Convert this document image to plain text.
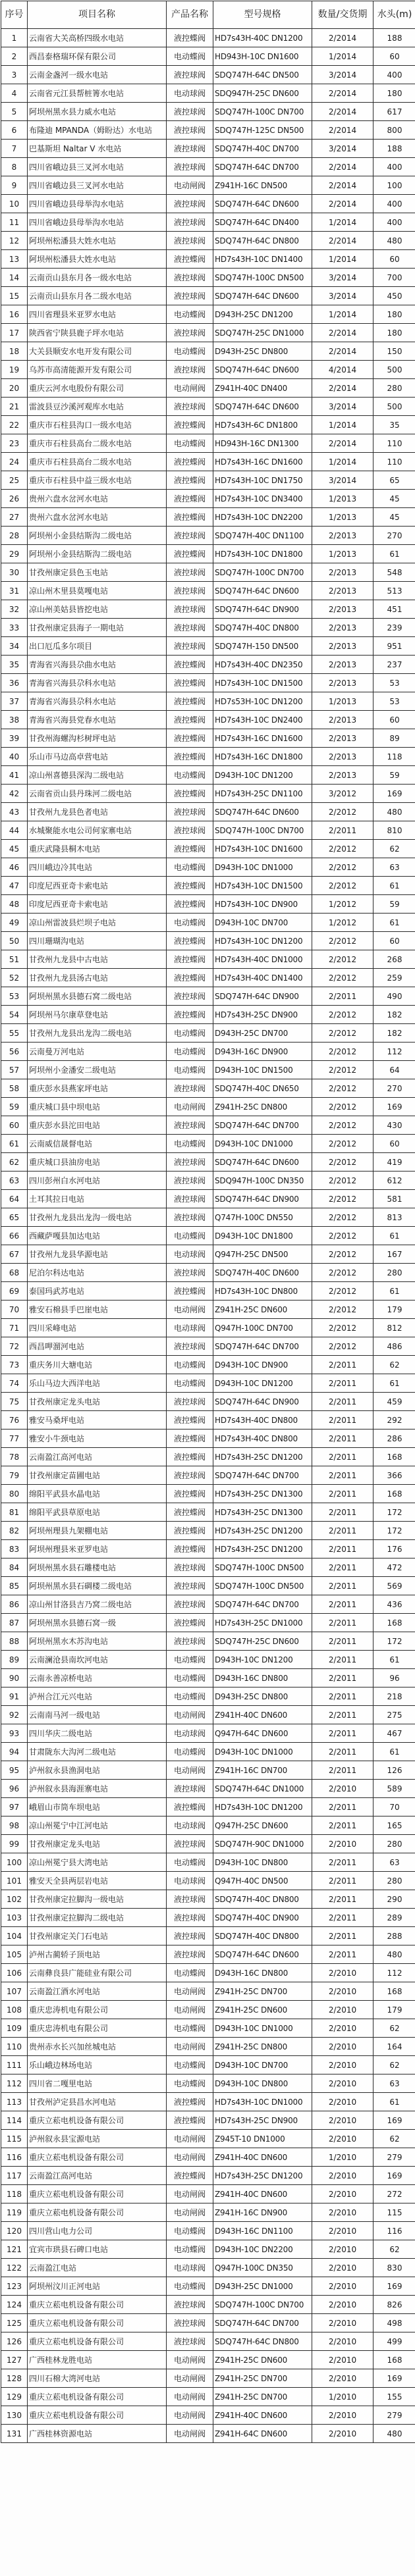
序号	项目名称	产品名称	型号规格	数量/交货期	水头(m)
1	云南省大关高桥四级水电站	液控蝶阀	HD7s43H-40C DN1200	2/2014	188
2	西昌泰格瑞环保有限公司	电动蝶阀	HD943H-10C DN1600	1/2014	60
3	云南金盏河一级水电站	液控球阀	SDQ747H-64C DN500	3/2014	400
4	云南省元江县帮桩箐水电站	电动球阀	SDQ947H-25C DN600	2/2014	180
5	阿坝州黑水县力威水电站	液控球阀	SDQ747H-100C DN700	2/2014	617
6	布隆迪 MPANDA（姆盼达）水电站	液控球阀	SDQ747H-125C DN500	2/2014	800
7	巴基斯坦 Naltar V 水电站	液控球阀	SDQ747H-40C DN700	3/2014	188
8	四川省峨边县三叉河水电站	液控球阀	SDQ747H-64C DN700	2/2014	400
9	四川省峨边县三叉河水电站	电动闸阀	Z941H-16C DN500	2/2014	100
10	四川省峨边县母举沟水电站	液控球阀	SDQ747H-64C DN600	2/2014	400
11	四川省峨边县母举沟水电站	液控球阀	SDQ747H-64C DN400	1/2014	400
12	阿坝州松潘县大姓水电站	液控球阀	SDQ747H-64C DN800	2/2014	480
13	阿坝州松潘县大姓水电站	液控蝶阀	HD7s43H-10C DN1400	1/2014	60
14	云南贡山县东月各一级水电站	液控球阀	SDQ747H-100C DN500	3/2014	700
15	云南贡山县东月各二级水电站	液控球阀	SDQ747H-64C DN600	3/2014	450
16	四川省理县米亚罗水电站	电动蝶阀	D943H-25C DN1200	1/2014	180
17	陕西省宁陕县鹿子坪水电站	液控球阀	SDQ747H-25C DN1000	2/2014	180
18	大关县顺安水电开发有限公司	电动蝶阀	D943H-25C DN800	2/2014	150
19	乌苏市高清能源开发有限公司	液控球阀	SDQ747H-64C DN600	4/2014	500
20	重庆云河水电股份有限公司	电动闸阀	Z941H-40C DN400	2/2014	280
21	雷波县豆沙溪河观库水电站	液控球阀	SDQ747H-64C DN600	3/2014	500
22	重庆市石柱县沟口一级水电站	液控蝶阀	HD7s43H-6C DN1800	1/2014	35
23	重庆市石柱县高台二级水电站	电动蝶阀	HD943H-16C DN1300	2/2014	110
24	重庆市石柱县高台二级水电站	液控蝶阀	HD7s43H-16C DN1600	1/2014	110
25	重庆市石柱县中益三级水电站	液控蝶阀	HD7s43H-10C DN1750	3/2014	65
26	贵州六盘水岔河水电站	液控蝶阀	HD7s43H-10C DN3400	1/2013	45
27	贵州六盘水岔河水电站	液控蝶阀	HD7s43H-10C DN2200	1/2013	45
28	阿坝州小金县结斯沟二级电站	液控球阀	SDQ747H-40C DN1100	2/2013	270
29	阿坝州小金县结斯沟二级电站	液控蝶阀	HD7s43H-10C DN1800	1/2013	61
30	甘孜州康定县色玉电站	液控球阀	SDQ747H-100C DN700	2/2013	548
31	凉山州木里县莫嘎电站	液控球阀	SDQ747H-64C DN600	2/2013	513
32	凉山州美姑县皆挖电站	液控球阀	SDQ747H-64C DN900	2/2013	451
33	甘孜州康定县海子一期电站	液控球阀	SDQ747H-40C DN800	2/2013	239
34	出口厄瓜多尔项目	液控球阀	SDQ747H-150 DN500	2/2013	951
35	青海省兴海县尕曲水电站	液控蝶阀	HD7s43H-40C DN2350	2/2013	237
36	青海省兴海县尕科水电站	液控蝶阀	HD7s43H-10C DN1500	2/2013	53
37	青海省兴海县尕科水电站	液控蝶阀	HD7s53H-10C DN1200	1/2013	53
38	青海省兴海县党春水电站	液控蝶阀	HD7s43H-10C DN2400	2/2013	60
39	甘孜州海螺沟杉树坪电站	液控蝶阀	HD7s43H-16C DN1600	2/2013	89
40	乐山市马边高卓营电站	液控蝶阀	HD7s43H-16C DN1800	2/2013	118
41	凉山州喜德县深沟二级电站	电动蝶阀	D943H-10C DN1200	2/2013	59
42	云南省贡山县丹珠河二级电站	液控蝶阀	HD7s43H-25C DN1100	3/2012	169
43	甘孜州九龙县色者电站	液控球阀	SDQ747H-64C DN600	2/2012	480
44	水城聚能水电公司何家寨电站	液控球阀	SDQ747H-100C DN700	2/2011	810
45	重庆武隆县桐木电站	液控蝶阀	HD7s43H-10C DN1600	2/2012	62
46	四川峨边冷其电站	电动蝶阀	D943H-10C DN1000	2/2012	63
47	印度尼西亚奇卡索电站	液控蝶阀	HD7s43H-10C DN1500	2/2012	61
48	印度尼西亚奇卡索电站	液控蝶阀	HD7s43H-10C DN900	1/2012	59
49	凉山州雷波县烂坝子电站	电动蝶阀	D943H-10C DN700	1/2012	61
50	四川珊瑚沟电站	液控蝶阀	HD7s43H-10C DN1200	2/2012	60
51	甘孜州九龙县中古电站	液控蝶阀	HD7s43H-40C DN1000	2/2012	268
52	甘孜州九龙县汤古电站	液控蝶阀	HD7s43H-40C DN1400	2/2012	259
53	阿坝州黑水县德石窝二级电站	液控球阀	SDQ747H-64C DN900	2/2011	490
54	阿坝州马尔康草登电站	液控蝶阀	HD7s43H-25C DN900	2/2012	182
55	甘孜州九龙县出龙沟二级电站	电动蝶阀	D943H-25C DN700	2/2012	182
56	云南曼万河电站	电动蝶阀	D943H-16C DN900	2/2012	112
57	阿坝州小金潘安二级电站	电动蝶阀	D943H-10C DN1500	2/2012	64
58	重庆彭水县燕家坪电站	液控球阀	SDQ747H-40C DN650	2/2012	270
59	重庆城口县中坝电站	电动闸阀	Z941H-25C DN800	2/2012	169
60	重庆彭水县沱田电站	液控球阀	SDQ747H-64C DN700	2/2012	430
61	云南威信晟督电站	电动蝶阀	D943H-10C DN1000	2/2012	60
62	重庆城口县油房电站	液控球阀	SDQ747H-64C DN600	2/2012	419
63	四川彭州白水河电站	液控球阀	SDQ947H-100C DN350	2/2012	612
64	土耳其拉日电站	液控球阀	SDQ747H-64C DN900	2/2012	581
65	甘孜州九龙县出龙沟一级电站	液控球阀	Q747H-100C DN550	2/2012	813
66	西藏萨嘎县加达电站	电动蝶阀	D943H-10C DN1800	2/2012	61
67	甘孜州九龙县华源电站	电动球阀	Q947H-25C DN500	2/2012	167
68	尼泊尔科达电站	液控球阀	SDQ747H-40C DN600	2/2012	280
69	泰国玛武苏电站	液控蝶阀	HD7s43H-10C DN800	2/2012	61
70	雅安石棉县手巴崖电站	电动闸阀	Z941H-25C DN600	2/2012	179
71	四川采峰电站	电动球阀	Q947H-100C DN700	2/2012	812
72	西昌呷溜河电站	液控球阀	SDQ747H-64C DN700	2/2012	486
73	重庆务川大塘电站	电动蝶阀	D943H-10C DN900	2/2011	62
74	乐山马边大西洋电站	电动蝶阀	D943H-10C DN1200	2/2011	61
75	甘孜州康定龙头电站	液控球阀	SDQ747H-64C DN900	2/2011	459
76	雅安马桑坪电站	液控蝶阀	HD7s43H-40C DN800	2/2011	292
77	雅安小牛颈电站	液控蝶阀	HD7s43H-40C DN800	2/2011	286
78	云南盈江高河电站	液控蝶阀	HD7s43H-25C DN1200	2/2011	168
79	甘孜州康定苗圃电站	液控球阀	SDQ747H-64C DN700	2/2011	366
80	绵阳平武县水晶电站	液控蝶阀	HD7s43H-25C DN1300	2/2011	168
81	绵阳平武县草原电站	液控蝶阀	HD7s43H-25C DN1300	2/2011	172
82	阿坝州理县九架棚电站	液控蝶阀	HD7s43H-25C DN1200	2/2011	172
83	阿坝州理县米亚罗电站	液控蝶阀	HD7s43H-25C DN1200	2/2011	176
84	阿坝州黑水县石雕楼电站	液控球阀	SDQ747H-100C DN500	2/2011	472
85	阿坝州黑水县石碉楼二级电站	液控球阀	SDQ747H-100C DN500	2/2011	569
86	凉山州甘洛县吉乃窝二级电站	液控球阀	SDQ747H-64C DN700	2/2011	436
87	阿坝州黑水县德石窝一级	液控蝶阀	HD7s43H-25C DN1000	2/2011	168
88	阿坝州黑水木苏沟电站	液控球阀	SDQ747H-25C DN600	2/2011	172
89	云南澜沧县南坎河电站	电动蝶阀	D943H-10C DN1200	2/2011	61
90	云南永善凉桥电站	电动蝶阀	D943H-16C DN800	2/2011	96
91	泸州合江元兴电站	电动蝶阀	D943H-25C DN800	2/2011	218
92	云南南马河一级电站	电动闸阀	Z941H-40C DN600	2/2011	275
93	四川华庆二级电站	电动球阀	Q947H-64C DN600	2/2011	467
94	甘肃陇东大沟河二级电站	电动蝶阀	D943H-10C DN1000	2/2011	61
95	泸州叙永县渔洞电站	电动闸阀	Z941H-16C DN700	2/2011	126
96	泸州叙永县海涯寨电站	液控球阀	SDQ747H-64C DN1000	2/2010	589
97	峨眉山市筒车坝电站	液控蝶阀	HD7s43H-10C DN1200	2/2011	70
98	凉山州冕宁中江河电站	电动球阀	Q947H-25C DN600	2/2011	165
99	甘孜州康定龙头电站	液控球阀	SDQ747H-90C DN1000	2/2010	280
100	凉山州冕宁县大湾电站	电动蝶阀	D943H-10C DN800	2/2011	63
101	雅安天全县两层岩电站	电动球阀	Q947H-40C DN500	2/2011	280
102	甘孜州康定拉脚沟一级电站	液控球阀	SDQ747H-40C DN800	2/2011	290
103	甘孜州康定拉脚沟二级电站	液控球阀	SDQ747H-40C DN900	2/2011	289
104	甘孜州康定关门石电站	液控球阀	SDQ747H-40C DN800	2/2011	288
105	泸州古蔺轿子顶电站	液控球阀	SDQ747H-64C DN600	2/2011	480
106	云南彝良县广能硅业有限公司	电动蝶阀	D943H-16C DN800	2/2010	112
107	云南盈江酒水河电站	电动闸阀	Z941H-25C DN700	2/2010	168
108	重庆忠涛机电有限公司	电动闸阀	Z941H-25C DN600	2/2010	179
109	重庆忠涛机电有限公司	电动蝶阀	D943H-10C DN1000	2/2010	62
110	贵州赤水长兴加丝城电站	电动闸阀	Z941H-25C DN800	2/2010	164
111	乐山峨边林场电站	电动蝶阀	D943H-10C DN700	2/2010	62
112	四川省二嘎里电站	电动蝶阀	D943H-10C DN800	2/2010	63
113	甘孜州泸定县昌水河电站	液控蝶阀	HD7s43H-10C DN1000	2/2010	61
114	重庆立菘电机设备有限公司	液控蝶阀	HD7s43H-25C DN900	2/2010	169
115	泸州叙永县宝源电站	电动闸阀	Z945T-10 DN1000	2/2010	62
116	重庆立菘电机设备有限公司	电动闸阀	Z941H-40C DN600	1/2010	279
117	云南盈江高河电站	液控蝶阀	HD7s43H-25C DN1200	2/2010	169
118	重庆立菘电机设备有限公司	电动闸阀	Z941H-40C DN600	2/2010	272
119	重庆立菘电机设备有限公司	电动闸阀	Z941H-16C DN900	2/2010	115
120	四川营山电力公司	电动蝶阀	D943H-16C DN1100	2/2010	116
121	宜宾市珙县石碑口电站	电动蝶阀	D943H-10C DN2200	2/2010	62
122	云南盈江电站	电动球阀	Q947H-100C DN350	2/2010	830
123	阿坝州汶川正河电站	电动蝶阀	D943H-25C DN1000	2/2010	169
124	重庆立菘电机设备有限公司	液控球阀	SDQ747H-100C DN700	2/2010	826
125	重庆立菘电机设备有限公司	液控球阀	SDQ747H-64C DN700	2/2010	498
126	重庆立菘电机设备有限公司	液控球阀	SDQ747H-64C DN800	2/2010	499
127	广西桂林龙胜电站	电动闸阀	Z941H-25C DN600	2/2010	168
128	四川石棉大湾河电站	电动闸阀	Z941H-25C DN700	2/2010	169
129	重庆立菘电机设备有限公司	电动闸阀	Z941H-25C DN700	1/2010	155
130	重庆立菘电机设备有限公司	电动闸阀	Z941H-40C DN600	2/2010	279
131	广西桂林资源电站	电动闸阀	Z941H-64C DN600	2/2010	480
